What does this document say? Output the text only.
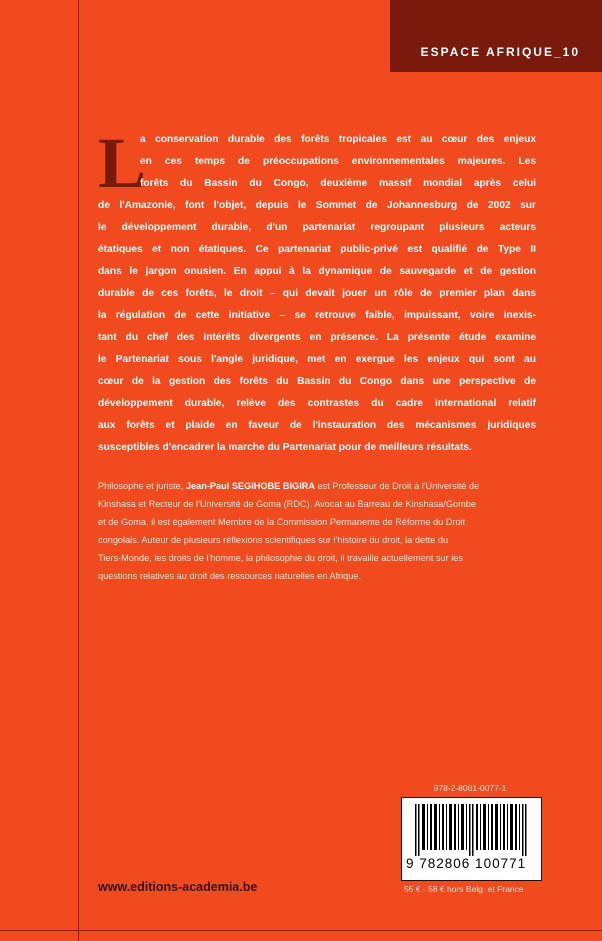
ESPACE AFRIQUE_10
L
a conservation durable des forêts tropicales est au cœur des enjeux
en ces temps de préoccupations environnementales majeures. Les
forêts du Bassin du Congo, deuxième massif mondial après celui
de l'Amazonie, font l'objet, depuis le Sommet de Johannesburg de 2002 sur
le développement durable, d'un partenariat regroupant plusieurs acteurs
étatiques et non étatiques. Ce partenariat public-privé est qualifié de Type II
dans le jargon onusien. En appui à la dynamique de sauvegarde et de gestion
durable de ces forêts, le droit – qui devait jouer un rôle de premier plan dans
la régulation de cette initiative – se retrouve faible, impuissant, voire inexis-
tant du chef des intérêts divergents en présence. La présente étude examine
le Partenariat sous l'angle juridique, met en exergue les enjeux qui sont au
cœur de la gestion des forêts du Bassin du Congo dans une perspective de
développement durable, relève des contrastes du cadre international relatif
aux forêts et plaide en faveur de l'instauration des mécanismes juridiques
susceptibles d'encadrer la marche du Partenariat pour de meilleurs résultats.
Philosophe et juriste, Jean-Paul SEGIHOBE BIGIRA est Professeur de Droit à l'Université de
Kinshasa et Recteur de l'Université de Goma (RDC). Avocat au Barreau de Kinshasa/Gombe
et de Goma, il est également Membre de la Commission Permanente de Réforme du Droit
congolais. Auteur de plusieurs réflexions scientifiques sur l'histoire du droit, la dette du
Tiers-Monde, les droits de l'homme, la philosophie du droit, il travaille actuellement sur les
questions relatives au droit des ressources naturelles en Afrique.
978-2-8061-0077-1
9 782806 100771
55 € - 58 € hors Belg. et France
www.editions-academia.be
